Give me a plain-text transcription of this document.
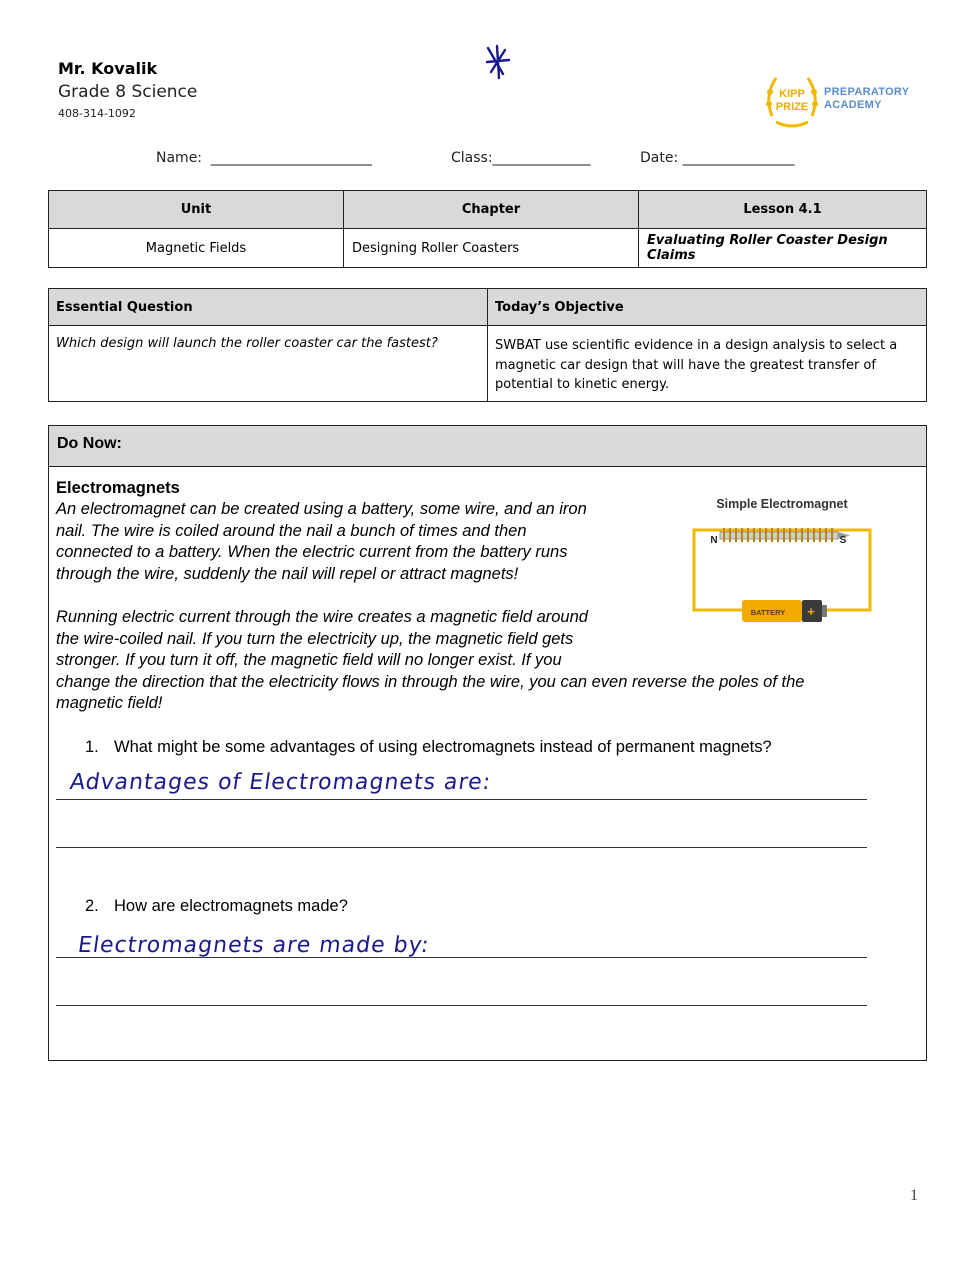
Mr. Kovalik
Grade 8 Science
408-314-1092
KIPP
PRIZE
PREPARATORY
ACADEMY
Name:  _______________________	Class:______________	Date: ________________
Unit	Chapter	Lesson 4.1
Magnetic Fields	Designing Roller Coasters	Evaluating Roller Coaster Design Claims
Essential Question	Today’s Objective
Which design will launch the roller coaster car the fastest?	SWBAT use scientific evidence in a design analysis to select a magnetic car design that will have the greatest transfer of potential to kinetic energy.
Do Now:
Electromagnets
An electromagnet can be created using a battery, some wire, and an iron
nail. The wire is coiled around the nail a bunch of times and then
connected to a battery. When the electric current from the battery runs
through the wire, suddenly the nail will repel or attract magnets!
Running electric current through the wire creates a magnetic field around
the wire-coiled nail. If you turn the electricity up, the magnetic field gets
stronger. If you turn it off, the magnetic field will no longer exist. If you
change the direction that the electricity flows in through the wire, you can even reverse the poles of the
magnetic field!
Simple Electromagnet
N	S
BATTERY +
1. What might be some advantages of using electromagnets instead of permanent magnets?
Advantages of Electromagnets are:
2. How are electromagnets made?
Electromagnets are made by:
1
